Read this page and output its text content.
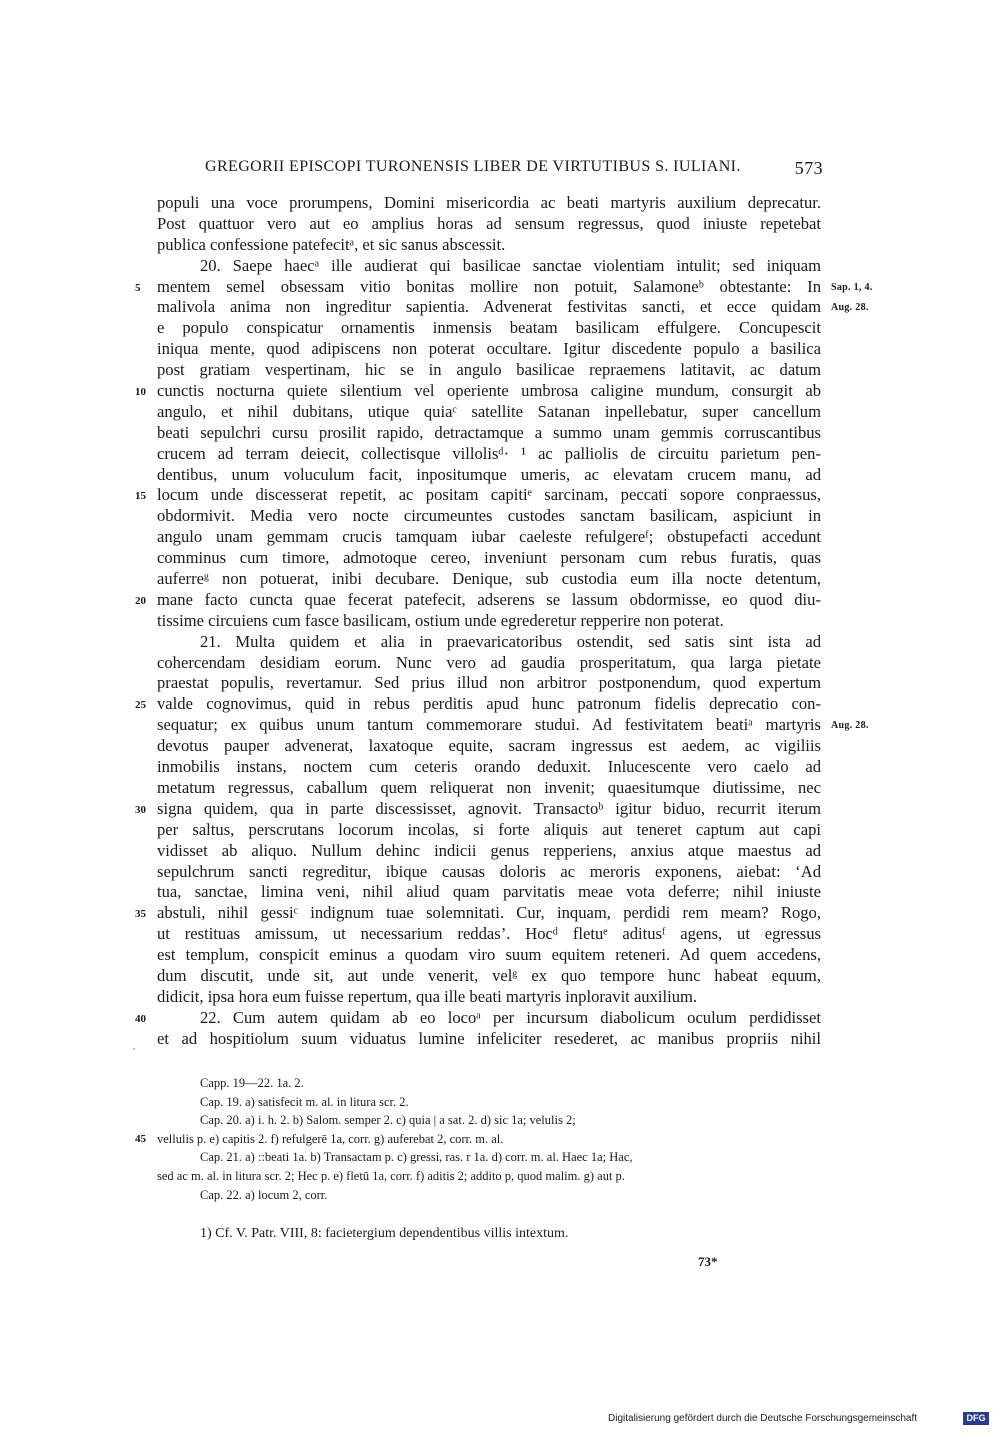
GREGORII EPISCOPI TURONENSIS LIBER DE VIRTUTIBUS S. IULIANI.	573
populi una voce prorumpens, Domini misericordia ac beati martyris auxilium deprecatur.
Post quattuor vero aut eo amplius horas ad sensum regressus, quod iniuste repetebat
publica confessione patefecitᵃ, et sic sanus abscessit.
20. Saepe haecᵃ ille audierat qui basilicae sanctae violentiam intulit; sed iniquam
mentem semel obsessam vitio bonitas mollire non potuit, Salamoneᵇ obtestante: In
5	Sap. 1, 4.
malivola anima non ingreditur sapientia. Advenerat festivitas sancti, et ecce quidam Aug. 28.
e populo conspicatur ornamentis inmensis beatam basilicam effulgere. Concupescit
iniqua mente, quod adipiscens non poterat occultare. Igitur discedente populo a basilica
post gratiam vespertinam, hic se in angulo basilicae repraemens latitavit, ac datum
cunctis nocturna quiete silentium vel operiente umbrosa caligine mundum, consurgit ab
10
angulo, et nihil dubitans, utique quiaᶜ satellite Satanan inpellebatur, super cancellum
beati sepulchri cursu prosilit rapido, detractamque a summo unam gemmis corruscantibus
crucem ad terram deiecit, collectisque villolisᵈ· ¹ ac palliolis de circuitu parietum pen-
dentibus, unum voluculum facit, inpositumque umeris, ac elevatam crucem manu, ad
locum unde discesserat repetit, ac positam capitiᵉ sarcinam, peccati sopore conpraessus,
15
obdormivit. Media vero nocte circumeuntes custodes sanctam basilicam, aspiciunt in
angulo unam gemmam crucis tamquam iubar caeleste refulgereᶠ; obstupefacti accedunt
comminus cum timore, admotoque cereo, inveniunt personam cum rebus furatis, quas
auferreᵍ non potuerat, inibi decubare. Denique, sub custodia eum illa nocte detentum,
mane facto cuncta quae fecerat patefecit, adserens se lassum obdormisse, eo quod diu-
20
tissime circuiens cum fasce basilicam, ostium unde egrederetur repperire non poterat.
21. Multa quidem et alia in praevaricatoribus ostendit, sed satis sint ista ad
cohercendam desidiam eorum. Nunc vero ad gaudia prosperitatum, qua larga pietate
praestat populis, revertamur. Sed prius illud non arbitror postponendum, quod expertum
valde cognovimus, quid in rebus perditis apud hunc patronum fidelis deprecatio con-
25
sequatur; ex quibus unum tantum commemorare studui. Ad festivitatem beatiᵃ martyris Aug. 28.
devotus pauper advenerat, laxatoque equite, sacram ingressus est aedem, ac vigiliis
inmobilis instans, noctem cum ceteris orando deduxit. Inlucescente vero caelo ad
metatum regressus, caballum quem reliquerat non invenit; quaesitumque diutissime, nec
signa quidem, qua in parte discessisset, agnovit. Transactoᵇ igitur biduo, recurrit iterum
30
per saltus, perscrutans locorum incolas, si forte aliquis aut teneret captum aut capi
vidisset ab aliquo. Nullum dehinc indicii genus repperiens, anxius atque maestus ad
sepulchrum sancti regreditur, ibique causas doloris ac meroris exponens, aiebat: ‘Ad
tua, sanctae, limina veni, nihil aliud quam parvitatis meae vota deferre; nihil iniuste
abstuli, nihil gessiᶜ indignum tuae solemnitati. Cur, inquam, perdidi rem meam? Rogo,
35
ut restituas amissum, ut necessarium reddas’. Hocᵈ fletuᵉ aditusᶠ agens, ut egressus
est templum, conspicit eminus a quodam viro suum equitem reteneri. Ad quem accedens,
dum discutit, unde sit, aut unde venerit, velᵍ ex quo tempore hunc habeat equum,
didicit, ipsa hora eum fuisse repertum, qua ille beati martyris inploravit auxilium.
22. Cum autem quidam ab eo locoᵃ per incursum diabolicum oculum perdidisset
40
et ad hospitiolum suum viduatus lumine infeliciter resederet, ac manibus propriis nihil
Capp. 19—22. 1a. 2.
Cap. 19. a) satisfecit m. al. in litura scr. 2.
Cap. 20. a) i. h. 2. b) Salom. semper 2. c) quia | a sat. 2. d) sic 1a; velulis 2;
vellulis p. e) capitis 2. f) refulgerē 1a, corr. g) auferebat 2, corr. m. al.
45
Cap. 21. a) ::beati 1a. b) Transactam p. c) gressi, ras. r 1a. d) corr. m. al. Haec 1a; Hac,
sed ac m. al. in litura scr. 2; Hec p. e) fletū 1a, corr. f) aditis 2; addito p, quod malim. g) aut p.
Cap. 22. a) locum 2, corr.
1) Cf. V. Patr. VIII, 8: facietergium dependentibus villis intextum.
73*
Digitalisierung gefördert durch die Deutsche Forschungsgemeinschaft	DFG
